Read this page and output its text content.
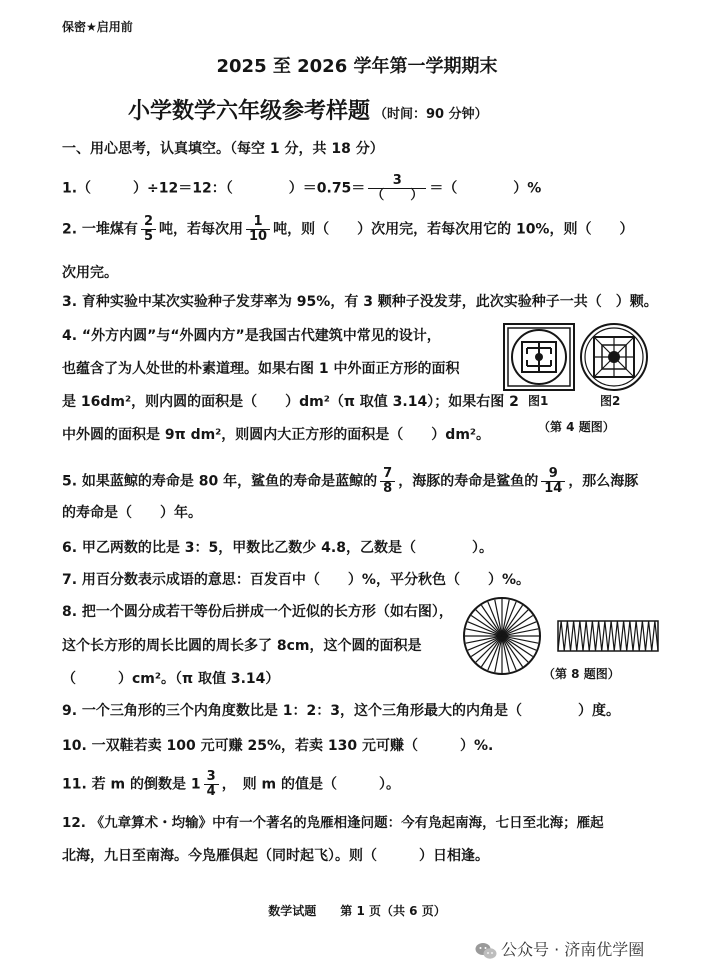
保密★启用前
2025 至 2026 学年第一学期期末
小学数学六年级参考样题 （时间：90 分钟）
一、用心思考，认真填空。（每空 1 分，共 18 分）
1.（　　　）÷12＝12：（　　　　）$=0.75= \frac{3}{( )}$ ＝（　　　　）%
2. 一堆煤有 $\frac{2}{5}$ 吨，若每次用 $\frac{1}{10}$ 吨，则（　　）次用完，若每次用它的 10%，则（　　）
次用完。
3. 育种实验中某次实验种子发芽率为 95%，有 3 颗种子没发芽，此次实验种子一共（　）颗。
4. “外方内圆”与“外圆内方”是我国古代建筑中常见的设计，
也蕴含了为人处世的朴素道理。如果右图 1 中外面正方形的面积
是 16dm²，则内圆的面积是（　　）dm²（π 取值 3.14）；如果右图 2
中外圆的面积是 9π dm²，则圆内大正方形的面积是（　　）dm²。
图1	图2
（第 4 题图）
5. 如果蓝鲸的寿命是 80 年，鲨鱼的寿命是蓝鲸的 $\frac{7}{8}$ ，海豚的寿命是鲨鱼的 $\frac{9}{14}$ ，那么海豚
的寿命是（　　）年。
6. 甲乙两数的比是 3：5，甲数比乙数少 4.8，乙数是（　　　　）。
7. 用百分数表示成语的意思：百发百中（　　）%，平分秋色（　　）%。
8. 把一个圆分成若干等份后拼成一个近似的长方形（如右图），
这个长方形的周长比圆的周长多了 8cm，这个圆的面积是
（　　　）cm²。（π 取值 3.14）	（第 8 题图）
9. 一个三角形的三个内角度数比是 1：2：3，这个三角形最大的内角是（　　　　）度。
10. 一双鞋若卖 100 元可赚 25%，若卖 130 元可赚（　　　）%.
11. 若 m 的倒数是 $1 \frac{3}{4}$ ，　则 m 的值是（　　　）。
12. 《九章算术・均输》中有一个著名的凫雁相逢问题：今有凫起南海，七日至北海；雁起
北海，九日至南海。今凫雁俱起（同时起飞）。则（　　　）日相逢。
数学试题　　第 1 页（共 6 页）
公众号 · 济南优学圈
